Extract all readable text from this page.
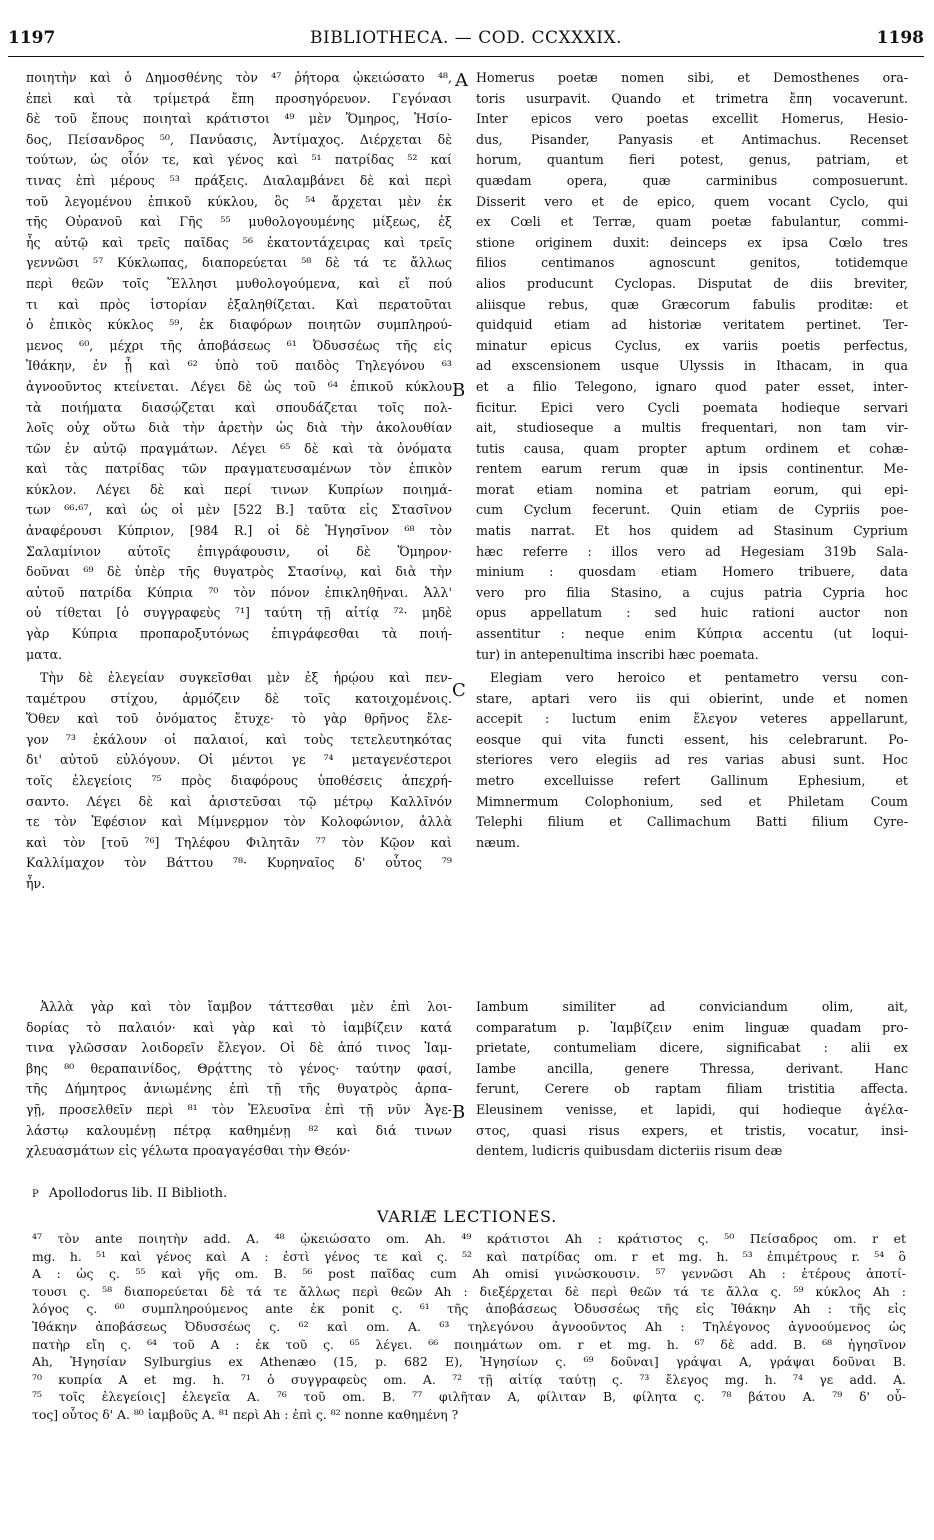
1197	BIBLIOTHECA. — COD. CCXXXIX.	1198
ποιητὴν καὶ ὁ Δημοσθένης τὸν ⁴⁷ ῥήτορα ᾠκειώσατο ⁴⁸,
ἐπεὶ καὶ τὰ τρίμετρά ἔπη προσηγόρευον. Γεγόνασι
δὲ τοῦ ἔπους ποιηταὶ κράτιστοι ⁴⁹ μὲν Ὅμηρος, Ἡσίο-
δος, Πείσανδρος ⁵⁰, Πανύασις, Ἀντίμαχος. Διέρχεται δὲ
τούτων, ὡς οἷόν τε, καὶ γένος καὶ ⁵¹ πατρίδας ⁵² καί
τινας ἐπὶ μέρους ⁵³ πράξεις. Διαλαμβάνει δὲ καὶ περὶ
τοῦ λεγομένου ἐπικοῦ κύκλου, ὃς ⁵⁴ ἄρχεται μὲν ἐκ
τῆς Οὐρανοῦ καὶ Γῆς ⁵⁵ μυθολογουμένης μίξεως, ἐξ
ἧς αὐτῷ καὶ τρεῖς παῖδας ⁵⁶ ἑκατοντάχειρας καὶ τρεῖς
γεννῶσι ⁵⁷ Κύκλωπας, διαπορεύεται ⁵⁸ δὲ τά τε ἄλλως
περὶ θεῶν τοῖς Ἕλλησι μυθολογούμενα, καὶ εἴ πού
τι καὶ πρὸς ἱστορίαν ἐξαληθίζεται. Καὶ περατοῦται
ὁ ἐπικὸς κύκλος ⁵⁹, ἐκ διαφόρων ποιητῶν συμπληρού-
μενος ⁶⁰, μέχρι τῆς ἀποβάσεως ⁶¹ Ὀδυσσέως τῆς εἰς
Ἰθάκην, ἐν ᾗ καὶ ⁶² ὑπὸ τοῦ παιδὸς Τηλεγόνου ⁶³
ἀγνοοῦντος κτείνεται. Λέγει δὲ ὡς τοῦ ⁶⁴ ἐπικοῦ κύκλου
τὰ ποιήματα διασῴζεται καὶ σπουδάζεται τοῖς πολ-
λοῖς οὐχ οὕτω διὰ τὴν ἀρετὴν ὡς διὰ τὴν ἀκολουθίαν
τῶν ἐν αὐτῷ πραγμάτων. Λέγει ⁶⁵ δὲ καὶ τὰ ὀνόματα
καὶ τὰς πατρίδας τῶν πραγματευσαμένων τὸν ἐπικὸν
κύκλον. Λέγει δὲ καὶ περί τινων Κυπρίων ποιημά-
των ⁶⁶·⁶⁷, καὶ ὡς οἱ μὲν [522 B.] ταῦτα εἰς Στασῖνον
ἀναφέρουσι Κύπριον, [984 R.] οἱ δὲ Ἡγησῖνον ⁶⁸ τὸν
Σαλαμίνιον αὐτοῖς ἐπιγράφουσιν, οἱ δὲ Ὅμηρον·
δοῦναι ⁶⁹ δὲ ὑπὲρ τῆς θυγατρὸς Στασίνῳ, καὶ διὰ τὴν
αὐτοῦ πατρίδα Κύπρια ⁷⁰ τὸν πόνον ἐπικληθῆναι. Ἀλλ'
οὐ τίθεται [ὁ συγγραφεὺς ⁷¹] ταύτη τῇ αἰτίᾳ ⁷²· μηδὲ
γὰρ Κύπρια προπαροξυτόνως ἐπιγράφεσθαι τὰ ποιή-
ματα.
Τὴν δὲ ἐλεγείαν συγκεῖσθαι μὲν ἐξ ἡρῴου καὶ πεν-
ταμέτρου στίχου, ἁρμόζειν δὲ τοῖς κατοιχομένοις.
Ὅθεν καὶ τοῦ ὀνόματος ἔτυχε· τὸ γὰρ θρῆνος ἔλε-
γον ⁷³ ἐκάλουν οἱ παλαιοί, καὶ τοὺς τετελευτηκότας
δι' αὐτοῦ εὐλόγουν. Οἱ μέντοι γε ⁷⁴ μεταγενέστεροι
τοῖς ἐλεγείοις ⁷⁵ πρὸς διαφόρους ὑποθέσεις ἀπεχρή-
σαντο. Λέγει δὲ καὶ ἀριστεῦσαι τῷ μέτρῳ Καλλῖνόν
τε τὸν Ἐφέσιον καὶ Μίμνερμον τὸν Κολοφώνιον, ἀλλὰ
καὶ τὸν [τοῦ ⁷⁶] Τηλέφου Φιλητᾶν ⁷⁷ τὸν Κῷον καὶ
Καλλίμαχον τὸν Βάττου ⁷⁸· Κυρηναῖος δ' οὗτος ⁷⁹
ἦν.
Ἀλλὰ γὰρ καὶ τὸν ἴαμβον τάττεσθαι μὲν ἐπὶ λοι-
δορίας τὸ παλαιόν· καὶ γὰρ καὶ τὸ ἰαμβίζειν κατά
τινα γλῶσσαν λοιδορεῖν ἔλεγον. Οἱ δὲ ἀπό τινος Ἰαμ-
βης ⁸⁰ θεραπαινίδος, Θρᾴττης τὸ γένος· ταύτην φασί,
τῆς Δήμητρος ἀνιωμένης ἐπὶ τῇ τῆς θυγατρὸς ἁρπα-
γῇ, προσελθεῖν περὶ ⁸¹ τὸν Ἐλευσῖνα ἐπὶ τῇ νῦν Ἀγε-
λάστῳ καλουμένῃ πέτρᾳ καθημένῃ ⁸² καὶ διά τινων
χλευασμάτων εἰς γέλωτα προαγαγέσθαι τὴν Θεόν·
Homerus poetæ nomen sibi, et Demosthenes ora-
toris usurpavit. Quando et trimetra ἔπη vocaverunt.
Inter epicos vero poetas excellit Homerus, Hesio-
dus, Pisander, Panyasis et Antimachus. Recenset
horum, quantum fieri potest, genus, patriam, et
quædam opera, quæ carminibus composuerunt.
Disserit vero et de epico, quem vocant Cyclo, qui
ex Cœli et Terræ, quam poetæ fabulantur, commi-
stione originem duxit: deinceps ex ipsa Cœlo tres
filios centimanos agnoscunt genitos, totidemque
alios producunt Cyclopas. Disputat de diis breviter,
aliisque rebus, quæ Græcorum fabulis proditæ: et
quidquid etiam ad historiæ veritatem pertinet. Ter-
minatur epicus Cyclus, ex variis poetis perfectus,
ad exscensionem usque Ulyssis in Ithacam, in qua
et a filio Telegono, ignaro quod pater esset, inter-
ficitur. Epici vero Cycli poemata hodieque servari
ait, studioseque a multis frequentari, non tam vir-
tutis causa, quam propter aptum ordinem et cohæ-
rentem earum rerum quæ in ipsis continentur. Me-
morat etiam nomina et patriam eorum, qui epi-
cum Cyclum fecerunt. Quin etiam de Cypriis poe-
matis narrat. Et hos quidem ad Stasinum Cyprium
hæc referre : illos vero ad Hegesiam 319b Sala-
minium : quosdam etiam Homero tribuere, data
vero pro filia Stasino, a cujus patria Cypria hoc
opus appellatum : sed huic rationi auctor non
assentitur : neque enim Κύπρια accentu (ut loqui-
tur) in antepenultima inscribi hæc poemata.
Elegiam vero heroico et pentametro versu con-
stare, aptari vero iis qui obierint, unde et nomen
accepit : luctum enim ἔλεγον veteres appellarunt,
eosque qui vita functi essent, his celebrarunt. Po-
steriores vero elegiis ad res varias abusi sunt. Hoc
metro excelluisse refert Gallinum Ephesium, et
Mimnermum Colophonium, sed et Philetam Coum
Telephi filium et Callimachum Batti filium Cyre-
næum.
Iambum similiter ad conviciandum olim, ait,
comparatum p. Ἰαμβίζειν enim linguæ quadam pro-
prietate, contumeliam dicere, significabat : alii ex
Iambe ancilla, genere Thressa, derivant. Hanc
ferunt, Cerere ob raptam filiam tristitia affecta.
Eleusinem venisse, et lapidi, qui hodieque ἀγέλα-
στος, quasi risus expers, et tristis, vocatur, insi-
dentem, ludicris quibusdam dicteriis risum deæ
A
B
C
B
P Apollodorus lib. II Biblioth.
VARIÆ LECTIONES.
⁴⁷ τὸν ante ποιητὴν add. A. ⁴⁸ ᾠκειώσατο om. Ah. ⁴⁹ κράτιστοι Ah : κράτιστος ς. ⁵⁰ Πείσαδρος om. r et
mg. h. ⁵¹ καὶ γένος καὶ A : ἐστὶ γένος τε καὶ ς. ⁵² καὶ πατρίδας om. r et mg. h. ⁵³ ἐπιμέτρους r. ⁵⁴ ὃ
A : ὡς ς. ⁵⁵ καὶ γῆς om. B. ⁵⁶ post παῖδας cum Ah omisi γινώσκουσιν. ⁵⁷ γεννῶσι Ah : ἑτέρους ἀποτί-
τουσι ς. ⁵⁸ διαπορεύεται δὲ τά τε ἄλλως περὶ θεῶν Ah : διεξέρχεται δὲ περὶ θεῶν τά τε ἄλλα ς. ⁵⁹ κύκλος Ah :
λόγος ς. ⁶⁰ συμπληρούμενος ante ἐκ ponit ς. ⁶¹ τῆς ἀποβάσεως Ὀδυσσέως τῆς εἰς Ἰθάκην Ah : τῆς εἰς
Ἰθάκην ἀποβάσεως Ὀδυσσέως ς. ⁶² καὶ om. A. ⁶³ τηλεγόνου ἀγνοοῦντος Ah : Τηλέγονος ἀγνοούμενος ὡς
πατὴρ εἴη ς. ⁶⁴ τοῦ A : ἐκ τοῦ ς. ⁶⁵ λέγει. ⁶⁶ ποιημάτων om. r et mg. h. ⁶⁷ δὲ add. B. ⁶⁸ ἡγησῖνον
Ah, Ἡγησίαν Sylburgius ex Athenæo (15, p. 682 E), Ἡγησίων ς. ⁶⁹ δοῦναι] γράψαι A, γράψαι δοῦναι B.
⁷⁰ κυπρία A et mg. h. ⁷¹ ὁ συγγραφεὺς om. A. ⁷² τῇ αἰτίᾳ ταύτῃ ς. ⁷³ ἔλεγος mg. h. ⁷⁴ γε add. A.
⁷⁵ τοῖς ἐλεγείοις] ἐλεγεῖα A. ⁷⁶ τοῦ om. B. ⁷⁷ φιλῆταν A, φίλιταν B, φίλητα ς. ⁷⁸ βάτου A. ⁷⁹ δ' οὗ-
τος] οὗτος δ' A. ⁸⁰ ἰαμβοῦς A. ⁸¹ περὶ Ah : ἐπὶ ς. ⁸² nonne καθημένη ?
